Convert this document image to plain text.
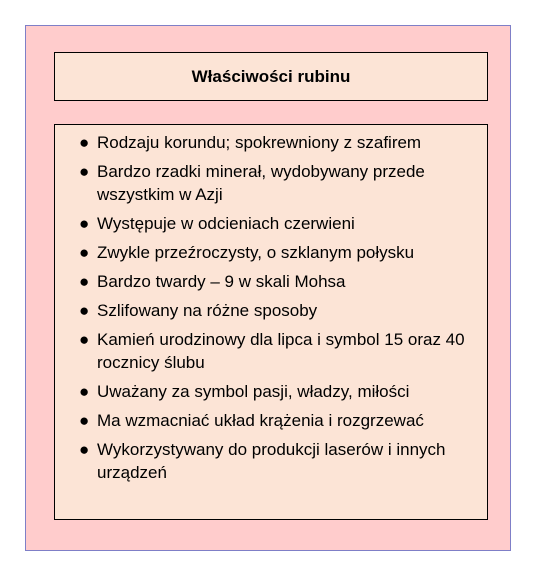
Właściwości rubinu
● Rodzaju korundu; spokrewniony z szafirem
● Bardzo rzadki minerał, wydobywany przede wszystkim w Azji
● Występuje w odcieniach czerwieni
● Zwykle przeźroczysty, o szklanym połysku
● Bardzo twardy – 9 w skali Mohsa
● Szlifowany na różne sposoby
● Kamień urodzinowy dla lipca i symbol 15 oraz 40 rocznicy ślubu
● Uważany za symbol pasji, władzy, miłości
● Ma wzmacniać układ krążenia i rozgrzewać
● Wykorzystywany do produkcji laserów i innych urządzeń
